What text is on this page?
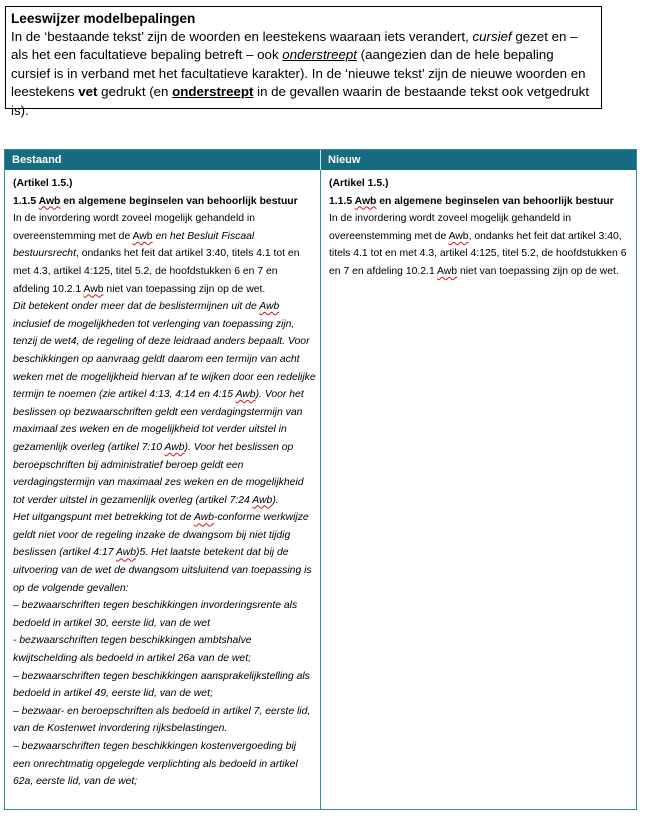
Leeswijzer modelbepalingen
In de ‘bestaande tekst’ zijn de woorden en leestekens waaraan iets verandert, cursief gezet en – als het een facultatieve bepaling betreft – ook onderstreept (aangezien dan de hele bepaling cursief is in verband met het facultatieve karakter). In de ‘nieuwe tekst’ zijn de nieuwe woorden en leestekens vet gedrukt (en onderstreept in de gevallen waarin de bestaande tekst ook vetgedrukt is).
Bestaand	Nieuw

(Artikel 1.5.)

1.1.5 Awb en algemene beginselen van behoorlijk bestuur

In de invordering wordt zoveel mogelijk gehandeld in overeenstemming met de Awb en het Besluit Fiscaal bestuursrecht, ondanks het feit dat artikel 3:40, titels 4.1 tot en met 4.3, artikel 4:125, titel 5.2, de hoofdstukken 6 en 7 en afdeling 10.2.1 Awb niet van toepassing zijn op de wet.

Dit betekent onder meer dat de beslistermijnen uit de Awb inclusief de mogelijkheden tot verlenging van toepassing zijn, tenzij de wet4, de regeling of deze leidraad anders bepaalt. Voor beschikkingen op aanvraag geldt daarom een termijn van acht weken met de mogelijkheid hiervan af te wijken door een redelijke termijn te noemen (zie artikel 4:13, 4:14 en 4:15 Awb). Voor het beslissen op bezwaarschriften geldt een verdagingstermijn van maximaal zes weken en de mogelijkheid tot verder uitstel in gezamenlijk overleg (artikel 7:10 Awb). Voor het beslissen op beroepschriften bij administratief beroep geldt een verdagingstermijn van maximaal zes weken en de mogelijkheid tot verder uitstel in gezamenlijk overleg (artikel 7:24 Awb).

Het uitgangspunt met betrekking tot de Awb-conforme werkwijze geldt niet voor de regeling inzake de dwangsom bij niet tijdig beslissen (artikel 4:17 Awb)5. Het laatste betekent dat bij de uitvoering van de wet de dwangsom uitsluitend van toepassing is op de volgende gevallen:

– bezwaarschriften tegen beschikkingen invorderingsrente als bedoeld in artikel 30, eerste lid, van de wet

- bezwaarschriften tegen beschikkingen ambtshalve kwijtschelding als bedoeld in artikel 26a van de wet;

– bezwaarschriften tegen beschikkingen aansprakelijkstelling als bedoeld in artikel 49, eerste lid, van de wet;

– bezwaar- en beroepschriften als bedoeld in artikel 7, eerste lid, van de Kostenwet invordering rijksbelastingen.

– bezwaarschriften tegen beschikkingen kostenvergoeding bij een onrechtmatig opgelegde verplichting als bedoeld in artikel 62a, eerste lid, van de wet;

(Artikel 1.5.)

1.1.5 Awb en algemene beginselen van behoorlijk bestuur

In de invordering wordt zoveel mogelijk gehandeld in overeenstemming met de Awb, ondanks het feit dat artikel 3:40, titels 4.1 tot en met 4.3, artikel 4:125, titel 5.2, de hoofdstukken 6 en 7 en afdeling 10.2.1 Awb niet van toepassing zijn op de wet.
